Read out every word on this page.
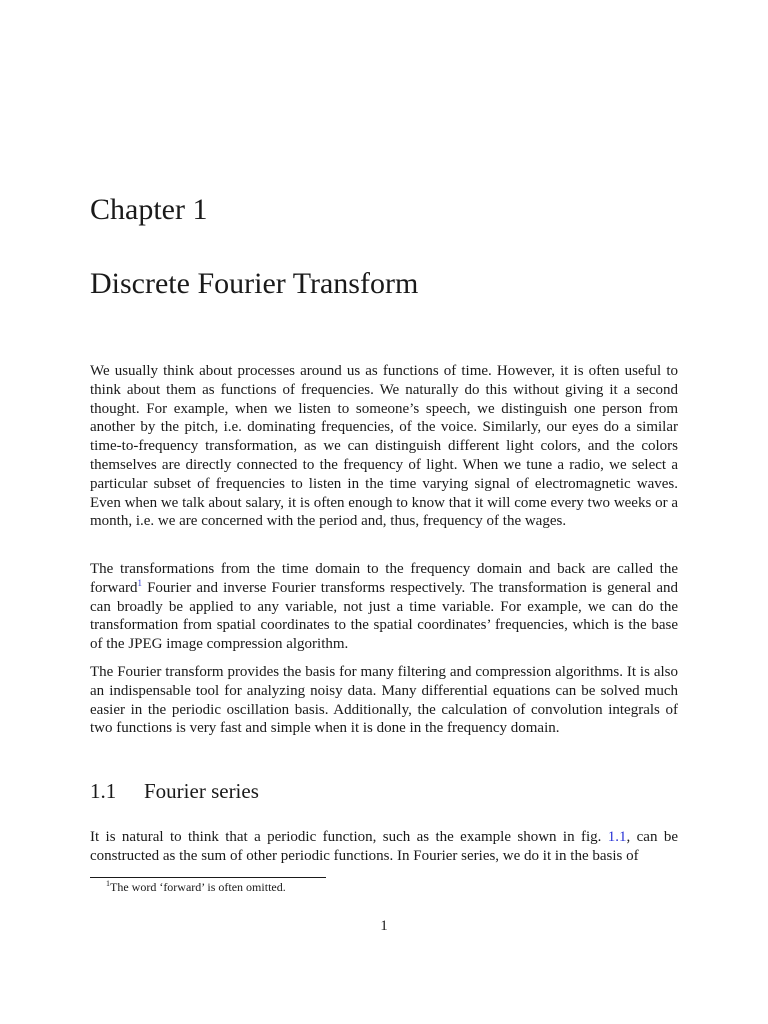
Chapter 1
Discrete Fourier Transform

We usually think about processes around us as functions of time. However, it is often useful to think about them as functions of frequencies. We naturally do this without giving it a second thought. For example, when we listen to someone’s speech, we distinguish one person from another by the pitch, i.e. dominating frequencies, of the voice. Similarly, our eyes do a similar time-to-frequency transformation, as we can distinguish different light colors, and the colors themselves are directly connected to the frequency of light. When we tune a radio, we select a particular subset of frequencies to listen in the time varying signal of electromagnetic waves. Even when we talk about salary, it is often enough to know that it will come every two weeks or a month, i.e. we are concerned with the period and, thus, frequency of the wages.

The transformations from the time domain to the frequency domain and back are called the forward$^1$ Fourier and inverse Fourier transforms respectively. The transformation is general and can broadly be applied to any variable, not just a time variable. For example, we can do the transformation from spatial coordinates to the spatial coordinates’ frequencies, which is the base of the JPEG image compression algorithm.

The Fourier transform provides the basis for many filtering and compression algorithms. It is also an indispensable tool for analyzing noisy data. Many differential equations can be solved much easier in the periodic oscillation basis. Additionally, the calculation of convolution integrals of two functions is very fast and simple when it is done in the frequency domain.

1.1 Fourier series

It is natural to think that a periodic function, such as the example shown in fig. 1.1, can be constructed as the sum of other periodic functions. In Fourier series, we do it in the basis of

$^1$The word ‘forward’ is often omitted.

1
